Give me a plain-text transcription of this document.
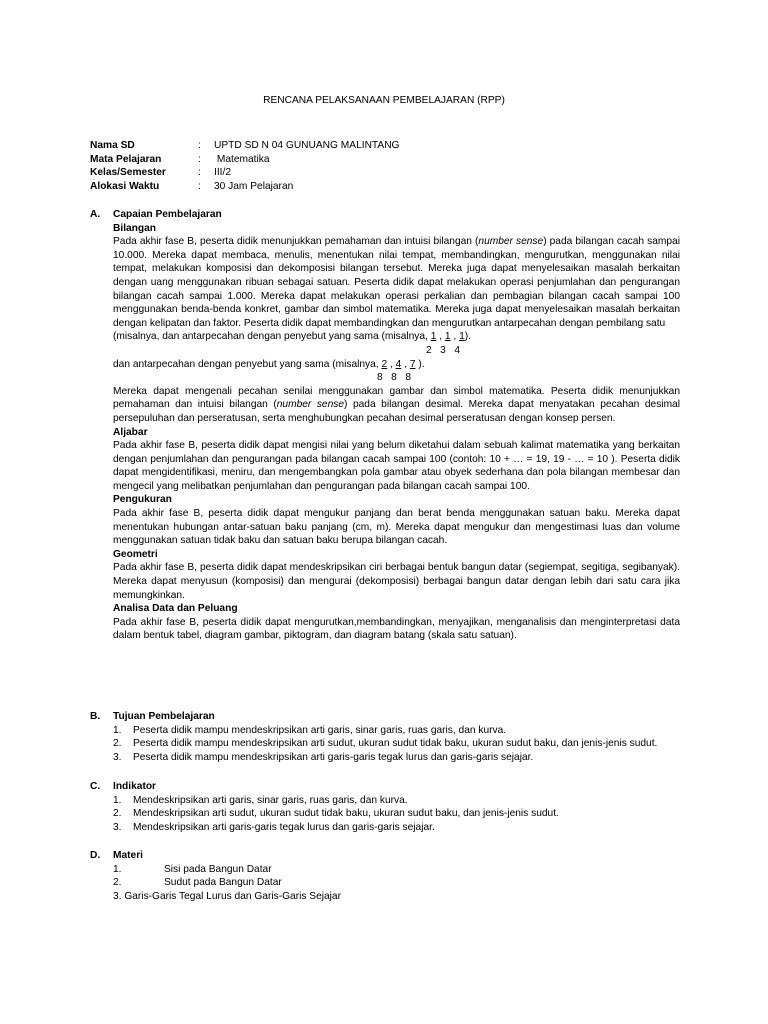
RENCANA PELAKSANAAN PEMBELAJARAN (RPP)
Nama SD	:	UPTD SD N 04 GUNUANG MALINTANG
Mata Pelajaran	:	Matematika
Kelas/Semester	:	III/2
Alokasi Waktu	:	30 Jam Pelajaran
A. Capaian Pembelajaran
Bilangan
Pada akhir fase B, peserta didik menunjukkan pemahaman dan intuisi bilangan (number sense) pada bilangan cacah sampai 10.000. Mereka dapat membaca, menulis, menentukan nilai tempat, membandingkan, mengurutkan, menggunakan nilai tempat, melakukan komposisi dan dekomposisi bilangan tersebut. Mereka juga dapat menyelesaikan masalah berkaitan dengan uang menggunakan ribuan sebagai satuan. Peserta didik dapat melakukan operasi penjumlahan dan pengurangan bilangan cacah sampai 1.000. Mereka dapat melakukan operasi perkalian dan pembagian bilangan cacah sampai 100 menggunakan benda-benda konkret, gambar dan simbol matematika. Mereka juga dapat menyelesaikan masalah berkaitan dengan kelipatan dan faktor. Peserta didik dapat membandingkan dan mengurutkan antarpecahan dengan pembilang satu
(misalnya, dan antarpecahan dengan penyebut yang sama (misalnya, 1 , 1 , 1).
2   3   4
dan antarpecahan dengan penyebut yang sama (misalnya, 2 , 4 , 7 ).
8   8   8
Mereka dapat mengenali pecahan senilai menggunakan gambar dan simbol matematika. Peserta didik menunjukkan pemahaman dan intuisi bilangan (number sense) pada bilangan desimal. Mereka dapat menyatakan pecahan desimal persepuluhan dan perseratusan, serta menghubungkan pecahan desimal perseratusan dengan konsep persen.
Aljabar
Pada akhir fase B, peserta didik dapat mengisi nilai yang belum diketahui dalam sebuah kalimat matematika yang berkaitan dengan penjumlahan dan pengurangan pada bilangan cacah sampai 100 (contoh: 10 + … = 19, 19 - … = 10 ). Peserta didik dapat mengidentifikasi, meniru, dan mengembangkan pola gambar atau obyek sederhana dan pola bilangan membesar dan mengecil yang melibatkan penjumlahan dan pengurangan pada bilangan cacah sampai 100.
Pengukuran
Pada akhir fase B, peserta didik dapat mengukur panjang dan berat benda menggunakan satuan baku. Mereka dapat menentukan hubungan antar-satuan baku panjang (cm, m). Mereka dapat mengukur dan mengestimasi luas dan volume menggunakan satuan tidak baku dan satuan baku berupa bilangan cacah.
Geometri
Pada akhir fase B, peserta didik dapat mendeskripsikan ciri berbagai bentuk bangun datar (segiempat, segitiga, segibanyak). Mereka dapat menyusun (komposisi) dan mengurai (dekomposisi) berbagai bangun datar dengan lebih dari satu cara jika memungkinkan.
Analisa Data dan Peluang
Pada akhir fase B, peserta didik dapat mengurutkan,membandingkan, menyajikan, menganalisis dan menginterpretasi data dalam bentuk tabel, diagram gambar, piktogram, dan diagram batang (skala satu satuan).
B. Tujuan Pembelajaran
1.	Peserta didik mampu mendeskripsikan arti garis, sinar garis, ruas garis, dan kurva.
2.	Peserta didik mampu mendeskripsikan arti sudut, ukuran sudut tidak baku, ukuran sudut baku, dan jenis-jenis sudut.
3.	Peserta didik mampu mendeskripsikan arti garis-garis tegak lurus dan garis-garis sejajar.
C. Indikator
1.	Mendeskripsikan arti garis, sinar garis, ruas garis, dan kurva.
2.	Mendeskripsikan arti sudut, ukuran sudut tidak baku, ukuran sudut baku, dan jenis-jenis sudut.
3.	Mendeskripsikan arti garis-garis tegak lurus dan garis-garis sejajar.
D. Materi
1.	Sisi pada Bangun Datar
2.	Sudut pada Bangun Datar
3. Garis-Garis Tegal Lurus dan Garis-Garis Sejajar
